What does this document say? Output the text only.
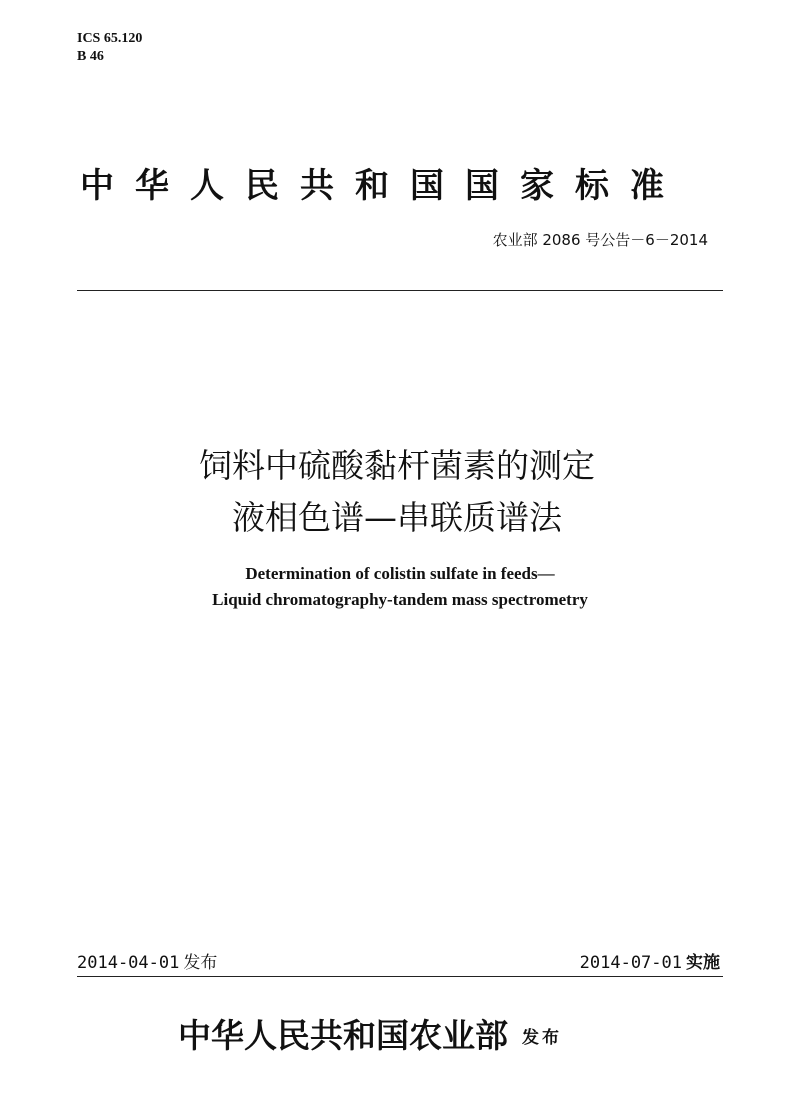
ICS 65.120
B 46
中华人民共和国国家标准
农业部 2086 号公告－6－2014
饲料中硫酸黏杆菌素的测定
液相色谱—串联质谱法
Determination of colistin sulfate in feeds—
Liquid chromatography-tandem mass spectrometry
2014-04-01 发布	2014-07-01 实施
中华人民共和国农业部 发布
